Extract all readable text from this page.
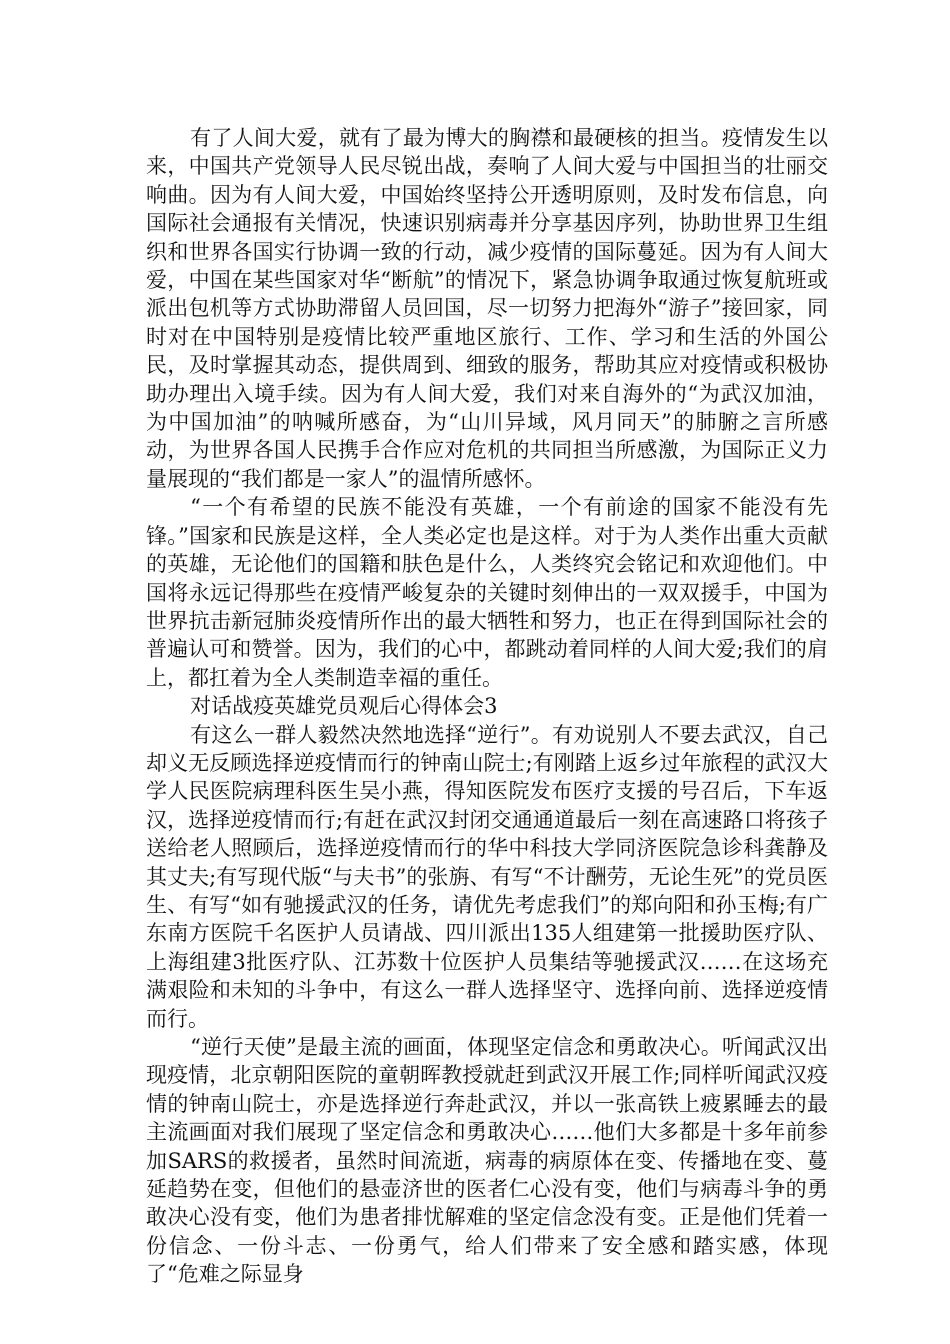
有了人间大爱，就有了最为博大的胸襟和最硬核的担当。疫情发生以来，中国共产党领导人民尽锐出战，奏响了人间大爱与中国担当的壮丽交响曲。因为有人间大爱，中国始终坚持公开透明原则，及时发布信息，向国际社会通报有关情况，快速识别病毒并分享基因序列，协助世界卫生组织和世界各国实行协调一致的行动，减少疫情的国际蔓延。因为有人间大爱，中国在某些国家对华“断航”的情况下，紧急协调争取通过恢复航班或派出包机等方式协助滞留人员回国，尽一切努力把海外“游子”接回家，同时对在中国特别是疫情比较严重地区旅行、工作、学习和生活的外国公民，及时掌握其动态，提供周到、细致的服务，帮助其应对疫情或积极协助办理出入境手续。因为有人间大爱，我们对来自海外的“为武汉加油，为中国加油”的呐喊所感奋，为“山川异域，风月同天”的肺腑之言所感动，为世界各国人民携手合作应对危机的共同担当所感激，为国际正义力量展现的“我们都是一家人”的温情所感怀。

“一个有希望的民族不能没有英雄，一个有前途的国家不能没有先锋。”国家和民族是这样，全人类必定也是这样。对于为人类作出重大贡献的英雄，无论他们的国籍和肤色是什么，人类终究会铭记和欢迎他们。中国将永远记得那些在疫情严峻复杂的关键时刻伸出的一双双援手，中国为世界抗击新冠肺炎疫情所作出的最大牺牲和努力，也正在得到国际社会的普遍认可和赞誉。因为，我们的心中，都跳动着同样的人间大爱;我们的肩上，都扛着为全人类制造幸福的重任。

对话战疫英雄党员观后心得体会3

有这么一群人毅然决然地选择“逆行”。有劝说别人不要去武汉，自己却义无反顾选择逆疫情而行的钟南山院士;有刚踏上返乡过年旅程的武汉大学人民医院病理科医生吴小燕，得知医院发布医疗支援的号召后，下车返汉，选择逆疫情而行;有赶在武汉封闭交通通道最后一刻在高速路口将孩子送给老人照顾后，选择逆疫情而行的华中科技大学同济医院急诊科龚静及其丈夫;有写现代版“与夫书”的张旃、有写“不计酬劳，无论生死”的党员医生、有写“如有驰援武汉的任务，请优先考虑我们”的郑向阳和孙玉梅;有广东南方医院千名医护人员请战、四川派出135人组建第一批援助医疗队、上海组建3批医疗队、江苏数十位医护人员集结等驰援武汉……在这场充满艰险和未知的斗争中，有这么一群人选择坚守、选择向前、选择逆疫情而行。

“逆行天使”是最主流的画面，体现坚定信念和勇敢决心。听闻武汉出现疫情，北京朝阳医院的童朝晖教授就赶到武汉开展工作;同样听闻武汉疫情的钟南山院士，亦是选择逆行奔赴武汉，并以一张高铁上疲累睡去的最主流画面对我们展现了坚定信念和勇敢决心……他们大多都是十多年前参加SARS的救援者，虽然时间流逝，病毒的病原体在变、传播地在变、蔓延趋势在变，但他们的悬壶济世的医者仁心没有变，他们与病毒斗争的勇敢决心没有变，他们为患者排忧解难的坚定信念没有变。正是他们凭着一份信念、一份斗志、一份勇气，给人们带来了安全感和踏实感，体现了“危难之际显身
